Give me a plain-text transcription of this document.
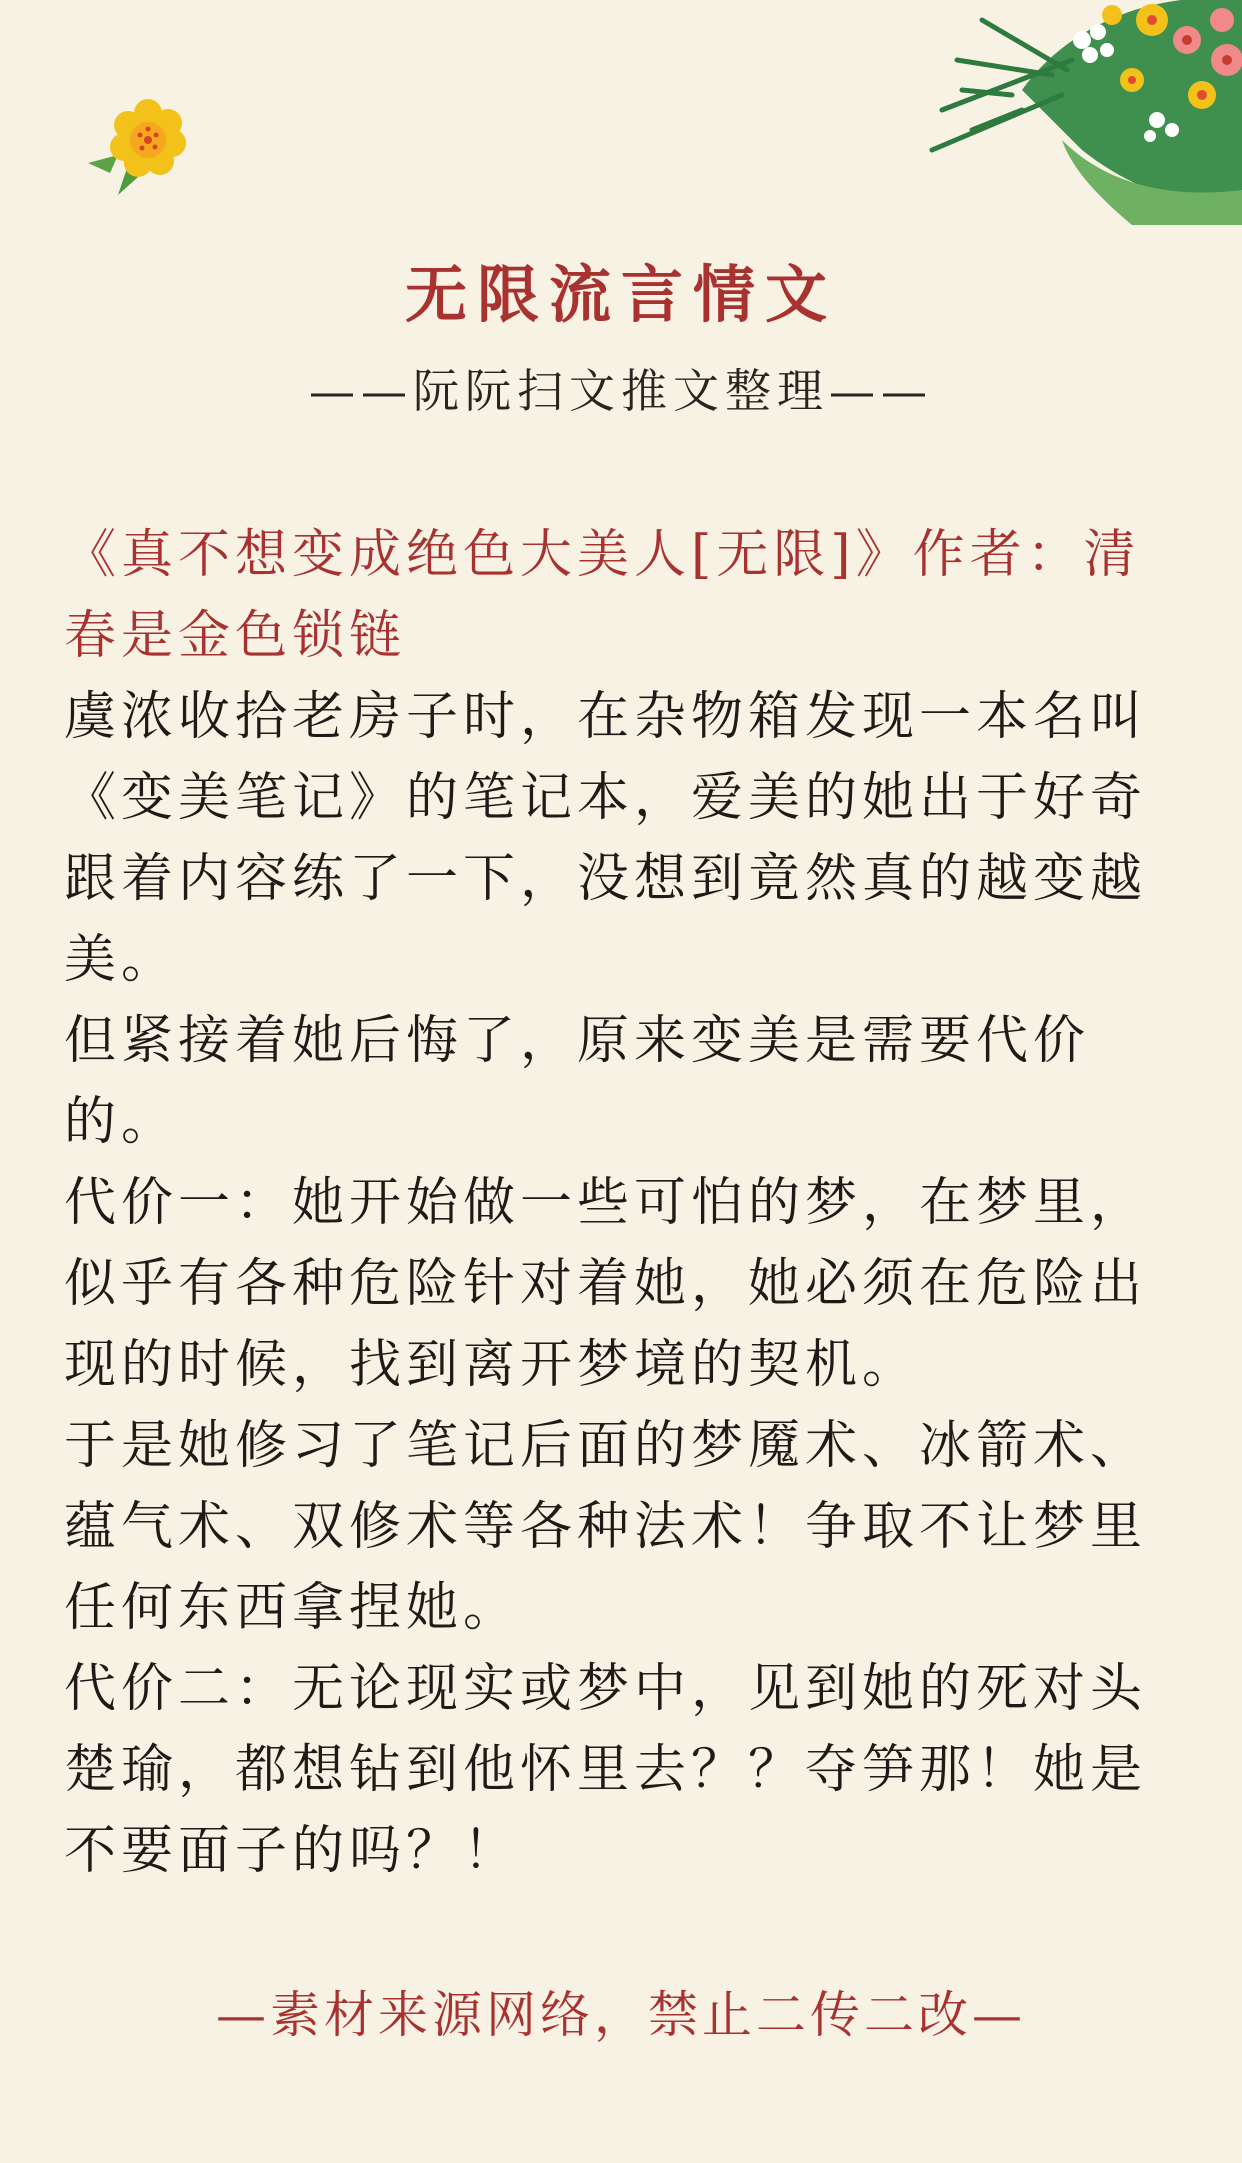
无限流言情文
——阮阮扫文推文整理——

《真不想变成绝色大美人[无限]》作者：清春是金色锁链

虞浓收拾老房子时，在杂物箱发现一本名叫《变美笔记》的笔记本，爱美的她出于好奇跟着内容练了一下，没想到竟然真的越变越美。

但紧接着她后悔了，原来变美是需要代价的。

代价一：她开始做一些可怕的梦，在梦里，似乎有各种危险针对着她，她必须在危险出现的时候，找到离开梦境的契机。

于是她修习了笔记后面的梦魇术、冰箭术、蕴气术、双修术等各种法术！争取不让梦里任何东西拿捏她。

代价二：无论现实或梦中，见到她的死对头楚瑜，都想钻到他怀里去？？夺笋那！她是不要面子的吗？！

—素材来源网络，禁止二传二改—
